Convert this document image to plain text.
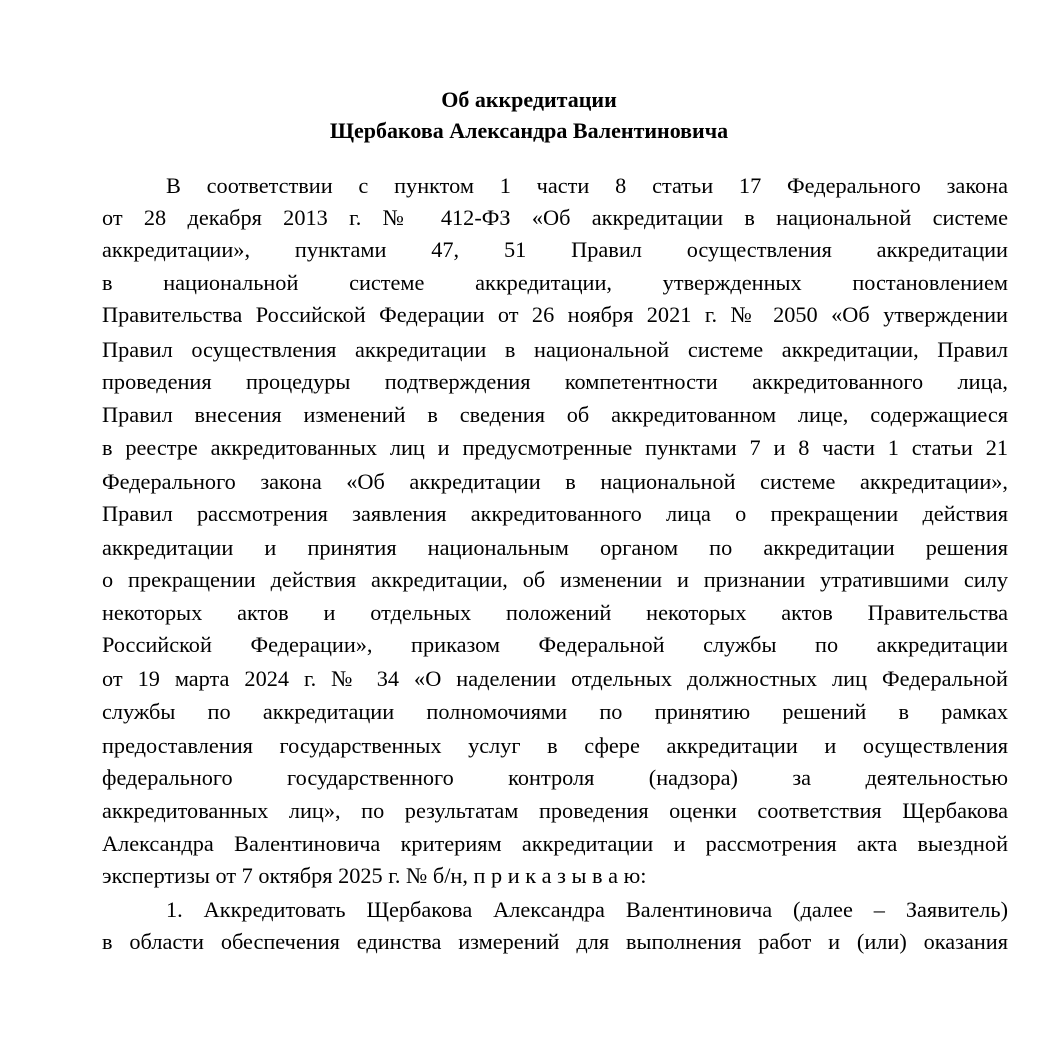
Об аккредитации
Щербакова Александра Валентиновича
В соответствии с пунктом 1 части 8 статьи 17 Федерального закона
от 28 декабря 2013 г. № 412-ФЗ «Об аккредитации в национальной системе
аккредитации», пунктами 47, 51 Правил осуществления аккредитации
в национальной системе аккредитации, утвержденных постановлением
Правительства Российской Федерации от 26 ноября 2021 г. № 2050 «Об утверждении
Правил осуществления аккредитации в национальной системе аккредитации, Правил
проведения процедуры подтверждения компетентности аккредитованного лица,
Правил внесения изменений в сведения об аккредитованном лице, содержащиеся
в реестре аккредитованных лиц и предусмотренные пунктами 7 и 8 части 1 статьи 21
Федерального закона «Об аккредитации в национальной системе аккредитации»,
Правил рассмотрения заявления аккредитованного лица о прекращении действия
аккредитации и принятия национальным органом по аккредитации решения
о прекращении действия аккредитации, об изменении и признании утратившими силу
некоторых актов и отдельных положений некоторых актов Правительства
Российской Федерации», приказом Федеральной службы по аккредитации
от 19 марта 2024 г. № 34 «О наделении отдельных должностных лиц Федеральной
службы по аккредитации полномочиями по принятию решений в рамках
предоставления государственных услуг в сфере аккредитации и осуществления
федерального государственного контроля (надзора) за деятельностью
аккредитованных лиц», по результатам проведения оценки соответствия Щербакова
Александра Валентиновича критериям аккредитации и рассмотрения акта выездной
экспертизы от 7 октября 2025 г. № б/н, п р и к а з ы в а ю:
1. Аккредитовать Щербакова Александра Валентиновича (далее – Заявитель)
в области обеспечения единства измерений для выполнения работ и (или) оказания
